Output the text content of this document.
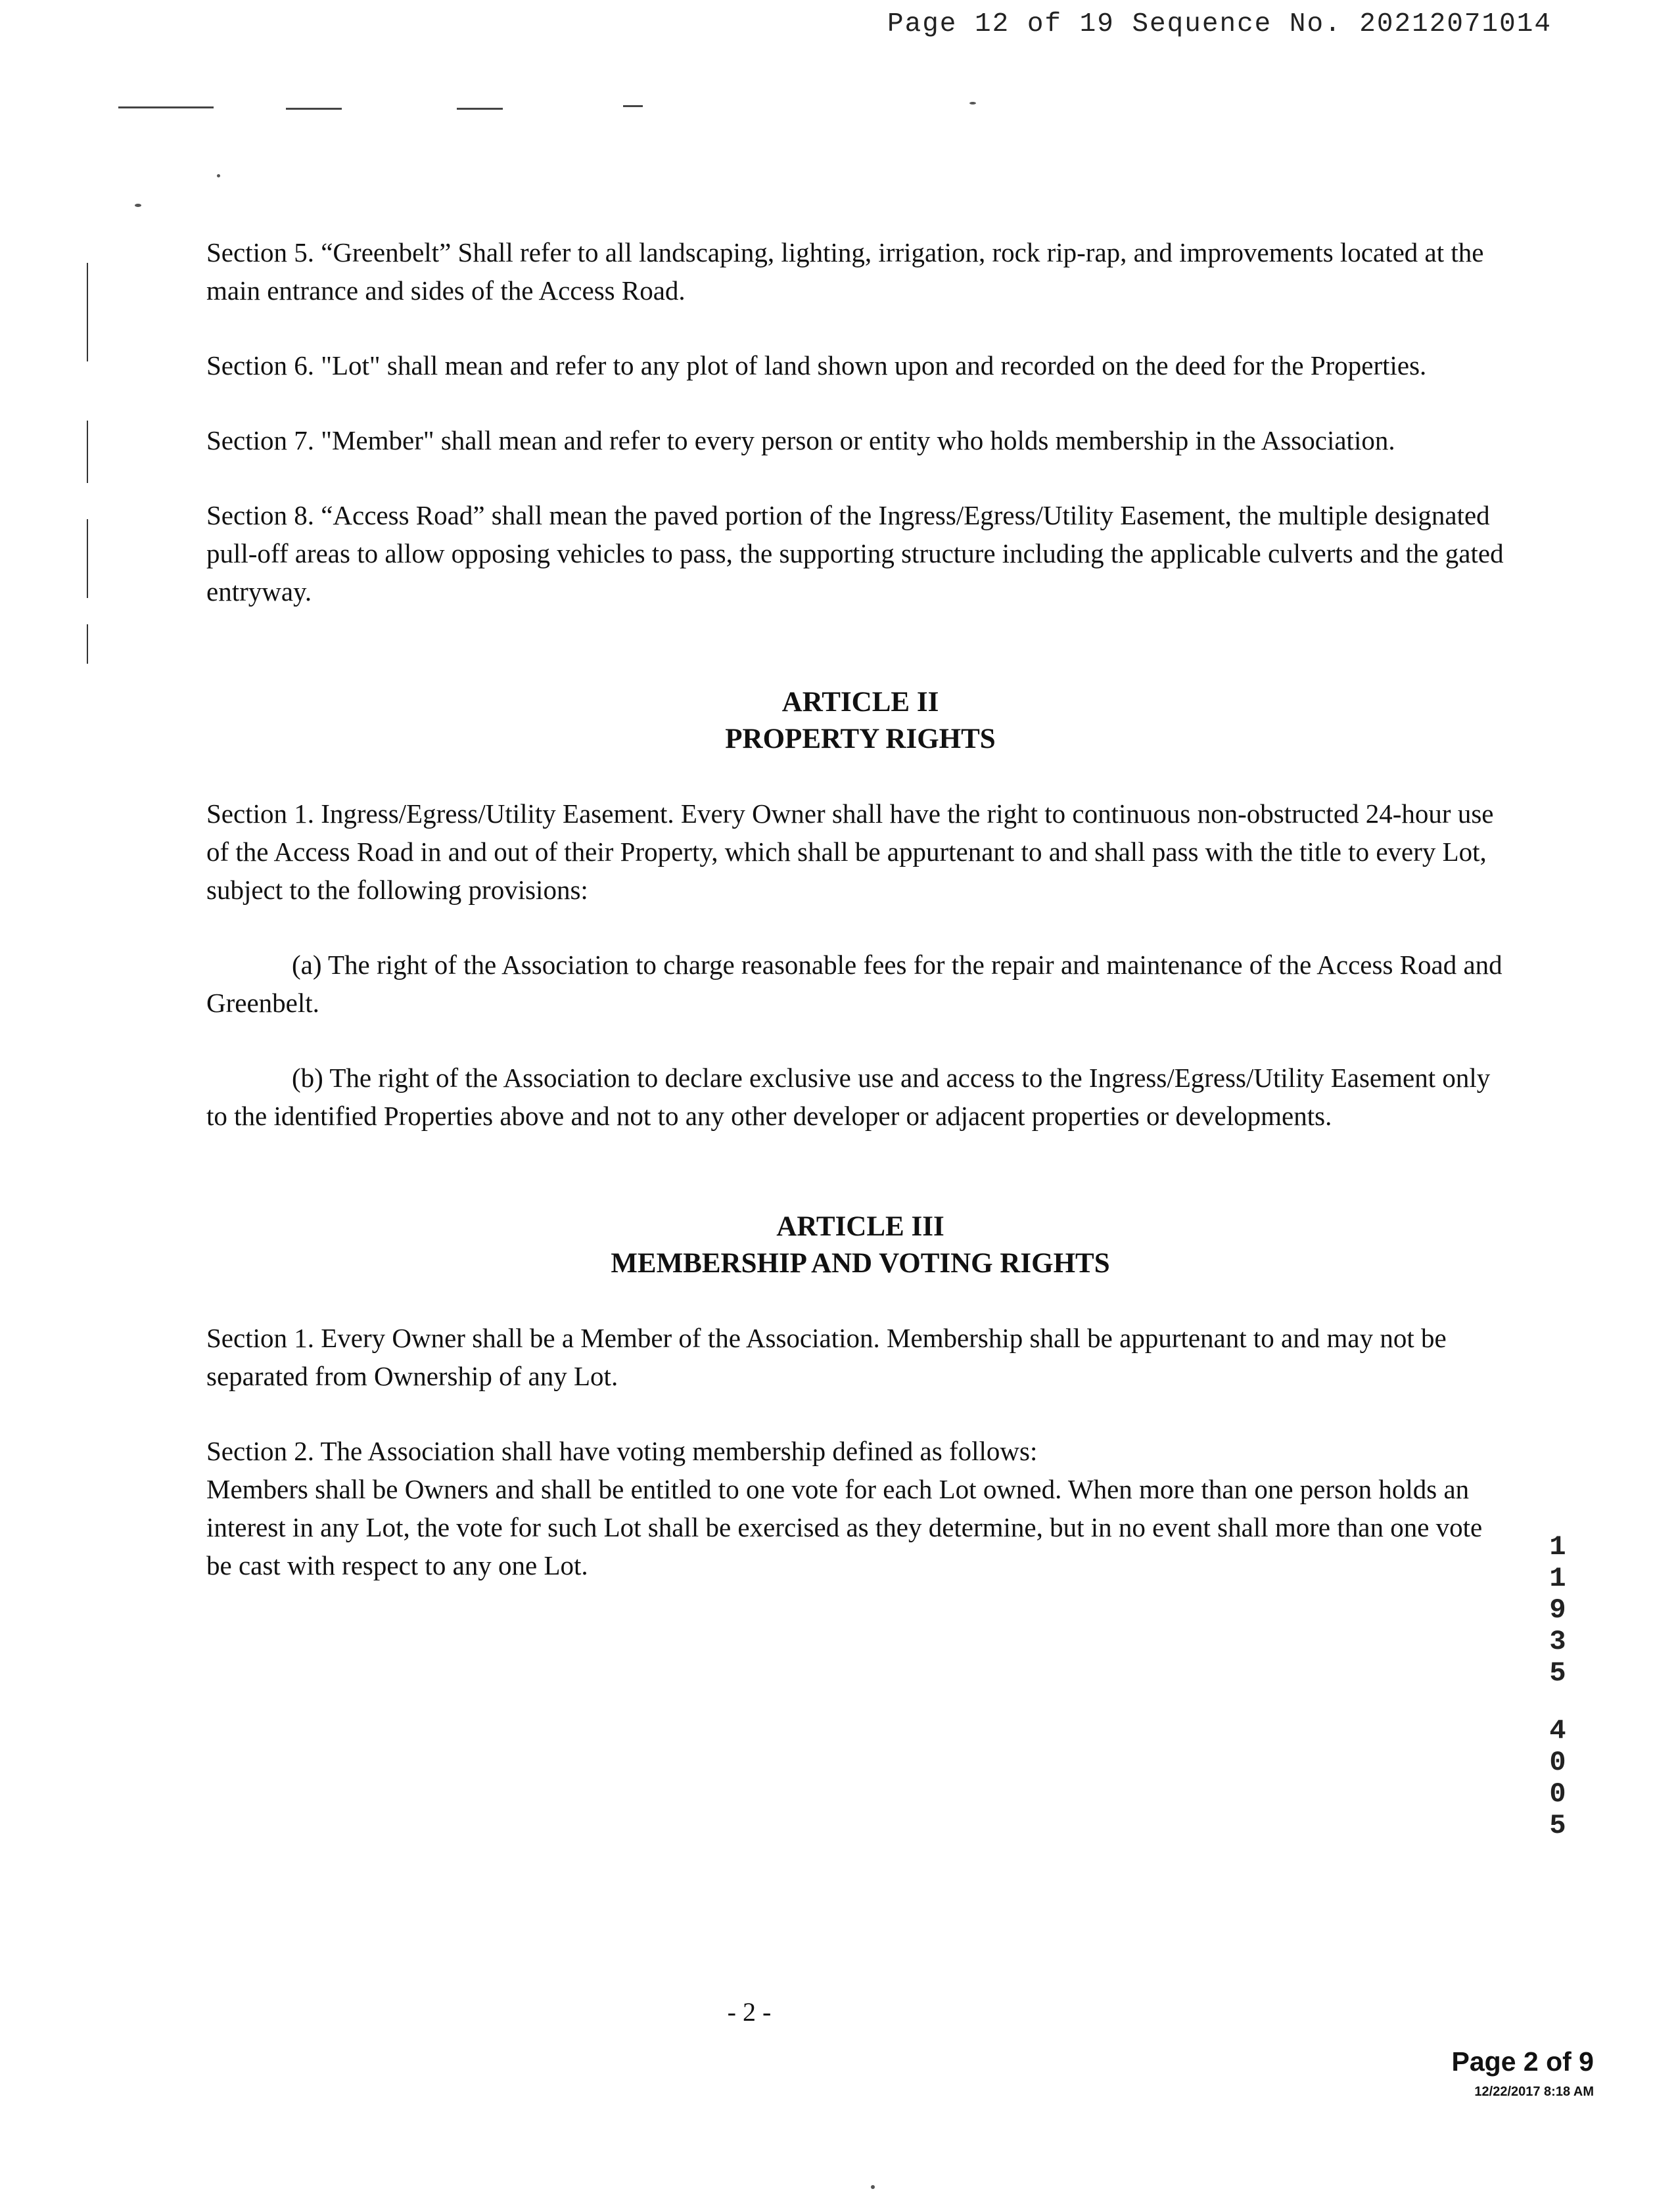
Page 12 of 19 Sequence No. 20212071014

Section 5. “Greenbelt” Shall refer to all landscaping, lighting, irrigation, rock rip-rap, and improvements located at the main entrance and sides of the Access Road.

Section 6. "Lot" shall mean and refer to any plot of land shown upon and recorded on the deed for the Properties.

Section 7. "Member" shall mean and refer to every person or entity who holds membership in the Association.

Section 8. “Access Road” shall mean the paved portion of the Ingress/Egress/Utility Easement, the multiple designated pull-off areas to allow opposing vehicles to pass, the supporting structure including the applicable culverts and the gated entryway.

ARTICLE II
PROPERTY RIGHTS

Section 1. Ingress/Egress/Utility Easement. Every Owner shall have the right to continuous non-obstructed 24-hour use of the Access Road in and out of their Property, which shall be appurtenant to and shall pass with the title to every Lot, subject to the following provisions:

(a) The right of the Association to charge reasonable fees for the repair and maintenance of the Access Road and Greenbelt.

(b) The right of the Association to declare exclusive use and access to the Ingress/Egress/Utility Easement only to the identified Properties above and not to any other developer or adjacent properties or developments.

ARTICLE III
MEMBERSHIP AND VOTING RIGHTS

Section 1. Every Owner shall be a Member of the Association. Membership shall be appurtenant to and may not be separated from Ownership of any Lot.

Section 2. The Association shall have voting membership defined as follows:
Members shall be Owners and shall be entitled to one vote for each Lot owned. When more than one person holds an interest in any Lot, the vote for such Lot shall be exercised as they determine, but in no event shall more than one vote be cast with respect to any one Lot.

1
1
9
3
5
4
0
0
5
- 2 -
Page 2 of 9
12/22/2017 8:18 AM
